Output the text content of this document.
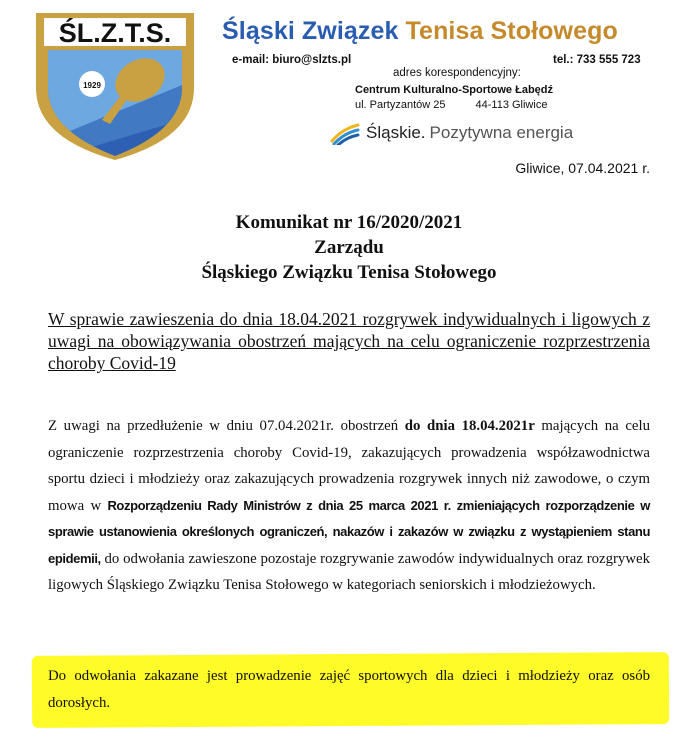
ŚL.Z.T.S.
1929
Śląski Związek Tenisa Stołowego
e-mail: biuro@slzts.pl	tel.: 733 555 723
adres korespondencyjny:
Centrum Kulturalno-Sportowe Łabędź
ul. Partyzantów 25	44-113 Gliwice
Śląskie. Pozytywna energia
Gliwice, 07.04.2021 r.
Komunikat nr 16/2020/2021
Zarządu
Śląskiego Związku Tenisa Stołowego
W sprawie zawieszenia do dnia 18.04.2021 rozgrywek indywidualnych i ligowych z uwagi na obowiązywania obostrzeń mających na celu ograniczenie rozprzestrzenia choroby Covid-19
Z uwagi na przedłużenie w dniu 07.04.2021r. obostrzeń do dnia 18.04.2021r mających na celu ograniczenie rozprzestrzenia choroby Covid-19, zakazujących prowadzenia współzawodnictwa sportu dzieci i młodzieży oraz zakazujących prowadzenia rozgrywek innych niż zawodowe, o czym mowa w Rozporządzeniu Rady Ministrów z dnia 25 marca 2021 r. zmieniających rozporządzenie w sprawie ustanowienia określonych ograniczeń, nakazów i zakazów w związku z wystąpieniem stanu epidemii, do odwołania zawieszone pozostaje rozgrywanie zawodów indywidualnych oraz rozgrywek ligowych Śląskiego Związku Tenisa Stołowego w kategoriach seniorskich i młodzieżowych.
Do odwołania zakazane jest prowadzenie zajęć sportowych dla dzieci i młodzieży oraz osób dorosłych.
